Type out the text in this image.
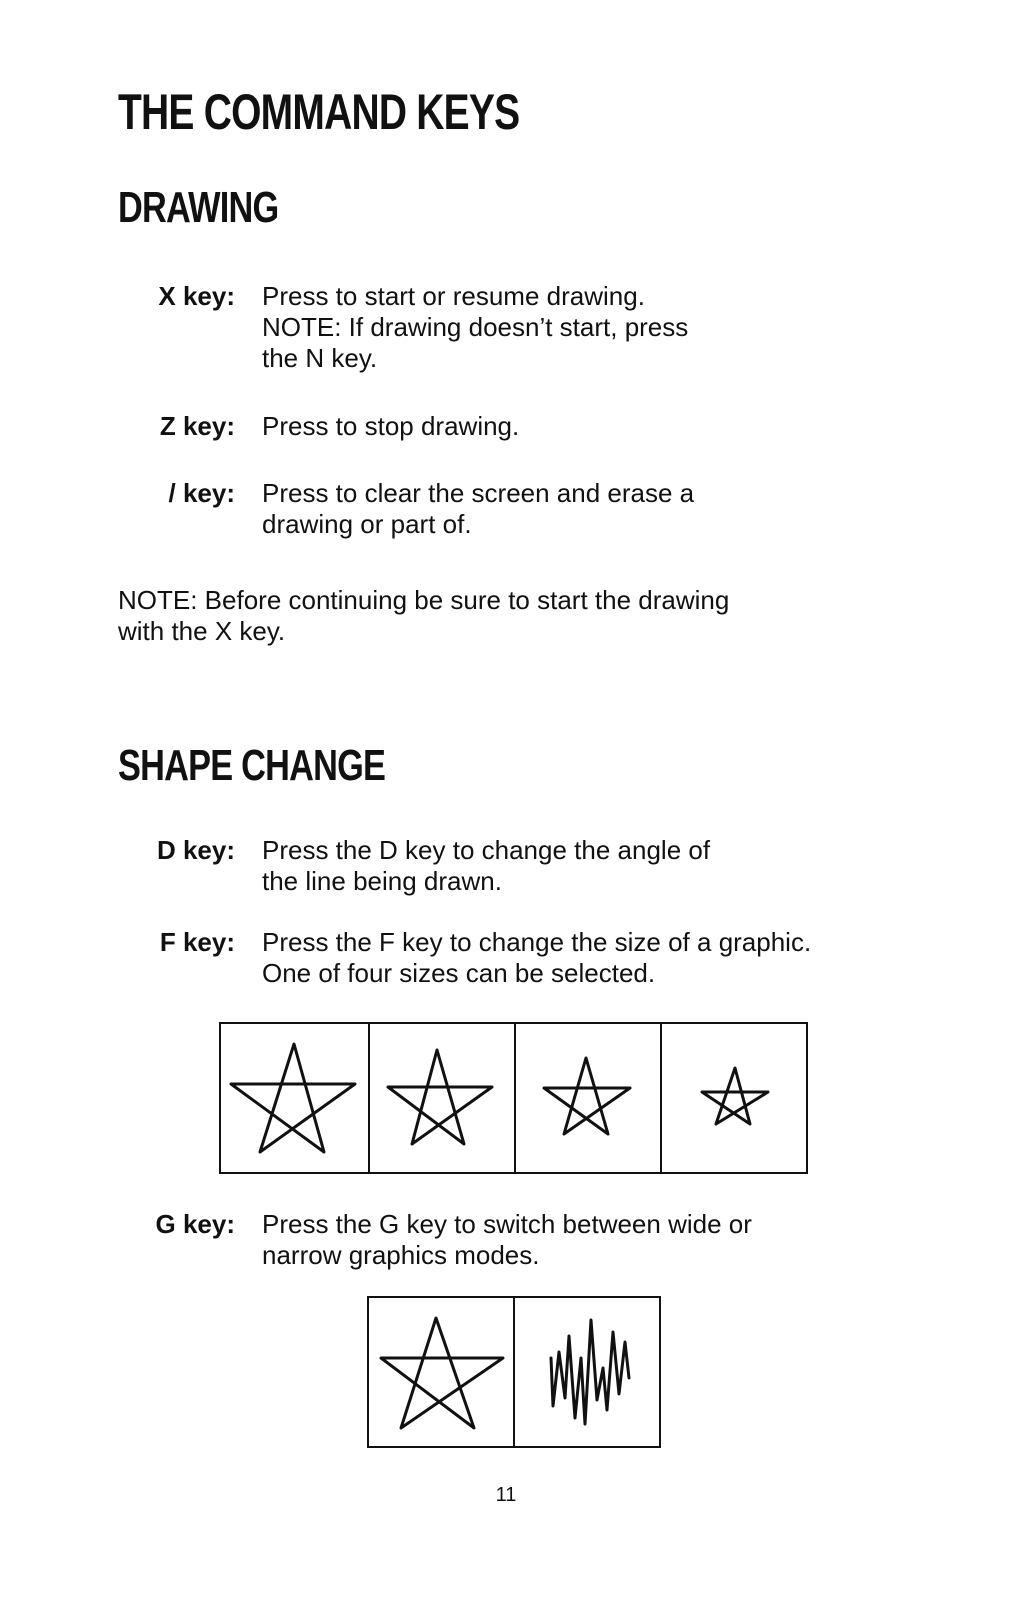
THE COMMAND KEYS
DRAWING
X key: Press to start or resume drawing.
NOTE: If drawing doesn’t start, press
the N key.
Z key: Press to stop drawing.
/ key: Press to clear the screen and erase a
drawing or part of.
NOTE: Before continuing be sure to start the drawing
with the X key.
SHAPE CHANGE
D key: Press the D key to change the angle of
the line being drawn.
F key: Press the F key to change the size of a graphic.
One of four sizes can be selected.
G key: Press the G key to switch between wide or
narrow graphics modes.
11
